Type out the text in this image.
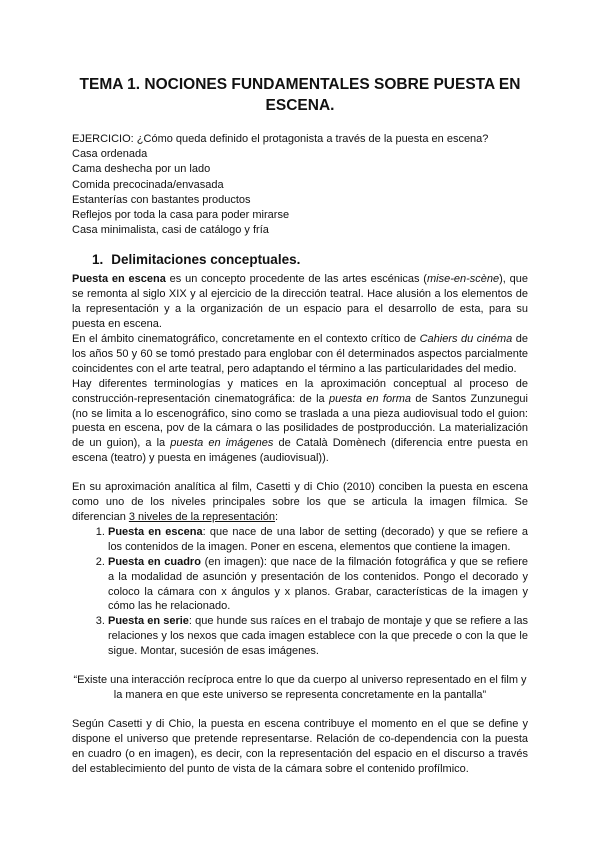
TEMA 1. NOCIONES FUNDAMENTALES SOBRE PUESTA EN ESCENA.
EJERCICIO: ¿Cómo queda definido el protagonista a través de la puesta en escena?
Casa ordenada
Cama deshecha por un lado
Comida precocinada/envasada
Estanterías con bastantes productos
Reflejos por toda la casa para poder mirarse
Casa minimalista, casi de catálogo y fría
1. Delimitaciones conceptuales.

Puesta en escena es un concepto procedente de las artes escénicas (mise-en-scène), que se remonta al siglo XIX y al ejercicio de la dirección teatral. Hace alusión a los elementos de la representación y a la organización de un espacio para el desarrollo de esta, para su puesta en escena.

En el ámbito cinematográfico, concretamente en el contexto crítico de Cahiers du cinéma de los años 50 y 60 se tomó prestado para englobar con él determinados aspectos parcialmente coincidentes con el arte teatral, pero adaptando el término a las particularidades del medio.

Hay diferentes terminologías y matices en la aproximación conceptual al proceso de construcción-representación cinematográfica: de la puesta en forma de Santos Zunzunegui (no se limita a lo escenográfico, sino como se traslada a una pieza audiovisual todo el guion: puesta en escena, pov de la cámara o las posilidades de postproducción. La materialización de un guion), a la puesta en imágenes de Català Domènech (diferencia entre puesta en escena (teatro) y puesta en imágenes (audiovisual)).

En su aproximación analítica al film, Casetti y di Chio (2010) conciben la puesta en escena como uno de los niveles principales sobre los que se articula la imagen fílmica. Se diferencian 3 niveles de la representación:

1. Puesta en escena: que nace de una labor de setting (decorado) y que se refiere a los contenidos de la imagen. Poner en escena, elementos que contiene la imagen.
2. Puesta en cuadro (en imagen): que nace de la filmación fotográfica y que se refiere a la modalidad de asunción y presentación de los contenidos. Pongo el decorado y coloco la cámara con x ángulos y x planos. Grabar, características de la imagen y cómo las he relacionado.
3. Puesta en serie: que hunde sus raíces en el trabajo de montaje y que se refiere a las relaciones y los nexos que cada imagen establece con la que precede o con la que le sigue. Montar, sucesión de esas imágenes.
“Existe una interacción recíproca entre lo que da cuerpo al universo representado en el film y la manera en que este universo se representa concretamente en la pantalla”

Según Casetti y di Chio, la puesta en escena contribuye el momento en el que se define y dispone el universo que pretende representarse. Relación de co-dependencia con la puesta en cuadro (o en imagen), es decir, con la representación del espacio en el discurso a través del establecimiento del punto de vista de la cámara sobre el contenido profílmico.
